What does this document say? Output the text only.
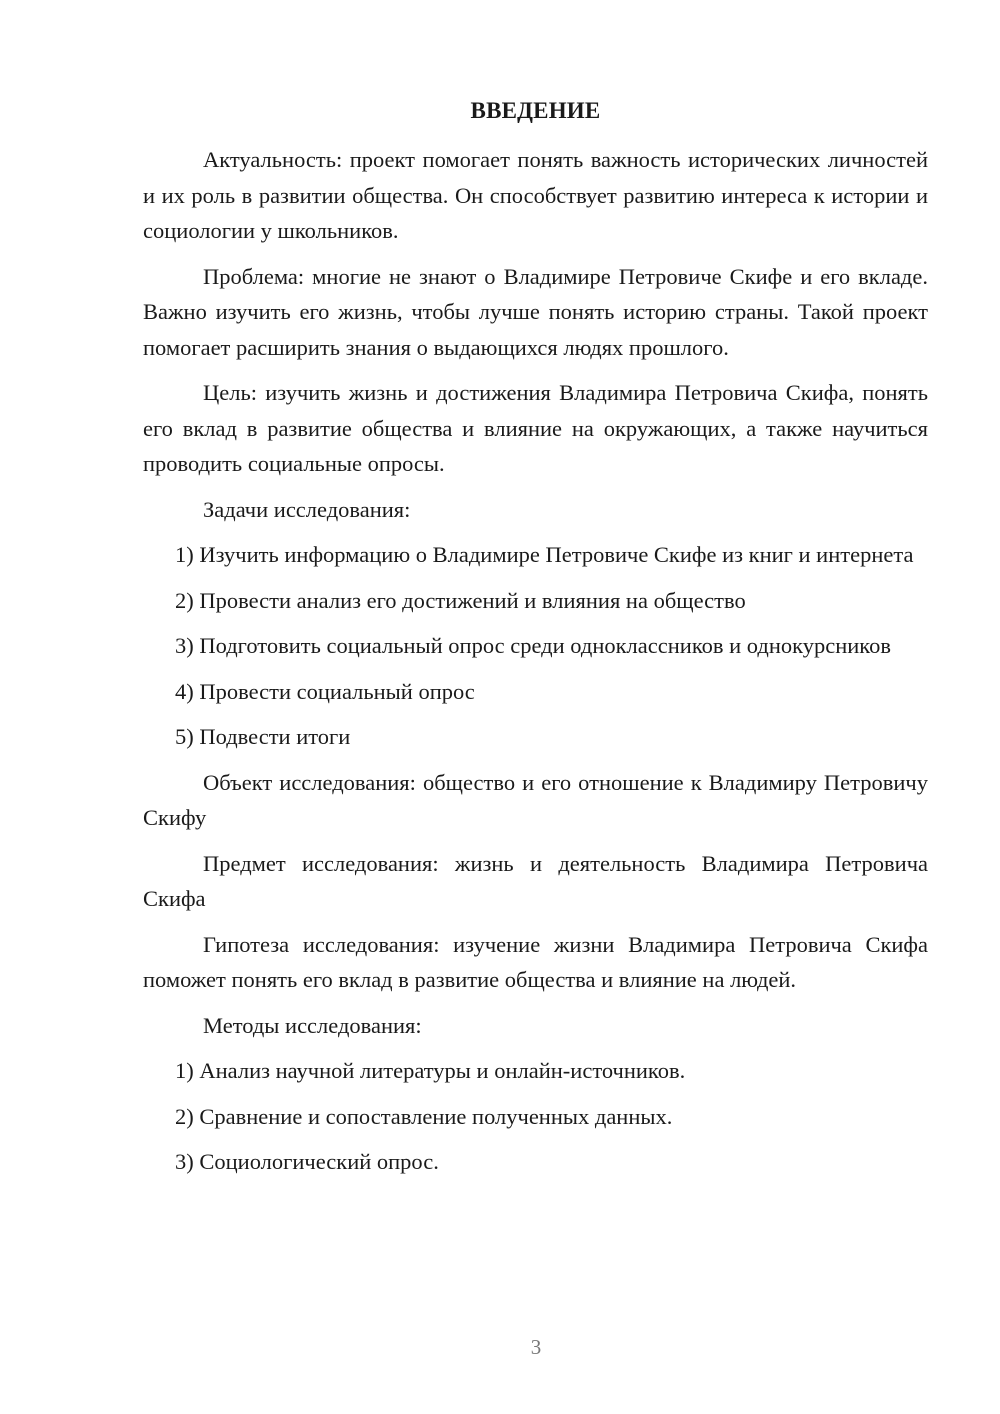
ВВЕДЕНИЕ

Актуальность: проект помогает понять важность исторических личностей и их роль в развитии общества. Он способствует развитию интереса к истории и социологии у школьников.

Проблема: многие не знают о Владимире Петровиче Скифе и его вкладе. Важно изучить его жизнь, чтобы лучше понять историю страны. Такой проект помогает расширить знания о выдающихся людях прошлого.

Цель: изучить жизнь и достижения Владимира Петровича Скифа, понять его вклад в развитие общества и влияние на окружающих, а также научиться проводить социальные опросы.

Задачи исследования:

1) Изучить информацию о Владимире Петровиче Скифе из книг и интернета

2) Провести анализ его достижений и влияния на общество

3) Подготовить социальный опрос среди одноклассников и однокурсников

4) Провести социальный опрос

5) Подвести итоги

Объект исследования: общество и его отношение к Владимиру Петровичу Скифу

Предмет исследования: жизнь и деятельность Владимира Петровича Скифа

Гипотеза исследования: изучение жизни Владимира Петровича Скифа поможет понять его вклад в развитие общества и влияние на людей.

Методы исследования:

1) Анализ научной литературы и онлайн-источников.

2) Сравнение и сопоставление полученных данных.

3) Социологический опрос.

3
